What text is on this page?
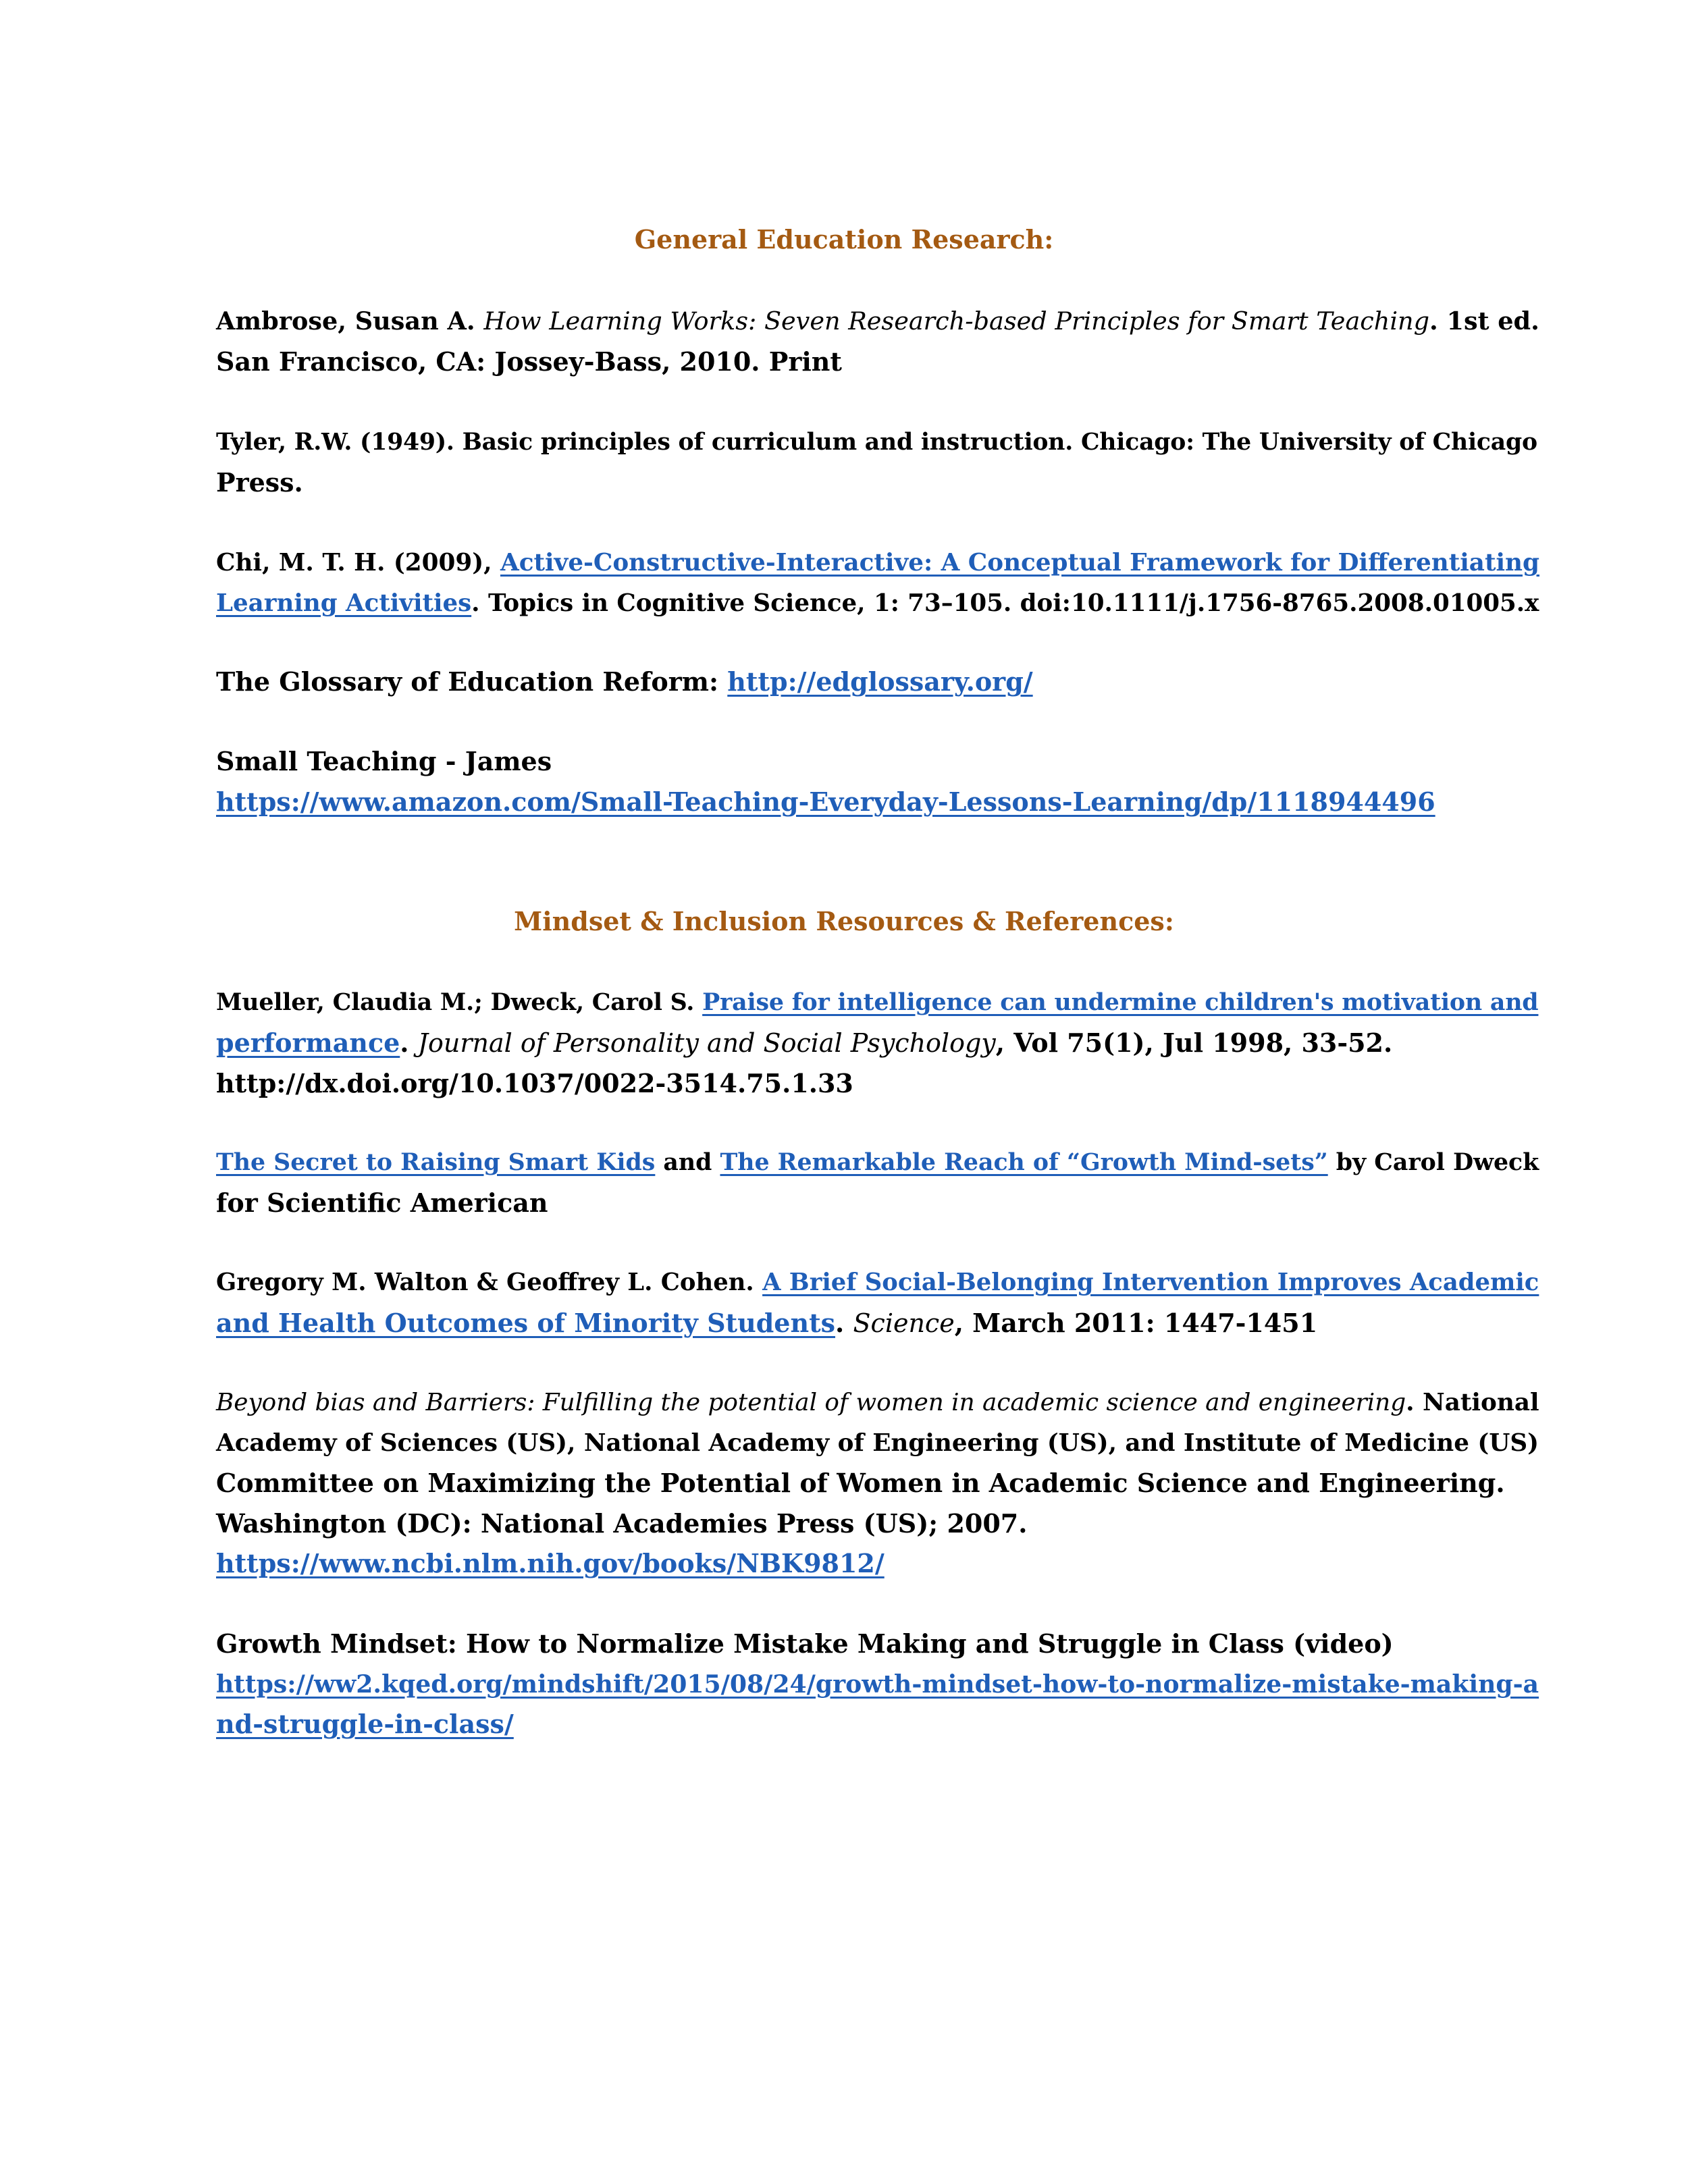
General Education Research:

Ambrose, Susan A. How Learning Works: Seven Research-based Principles for Smart Teaching. 1st ed.
San Francisco, CA: Jossey-Bass, 2010. Print

Tyler, R.W. (1949). Basic principles of curriculum and instruction. Chicago: The University of Chicago
Press.

Chi, M. T. H. (2009), Active-Constructive-Interactive: A Conceptual Framework for Differentiating
Learning Activities. Topics in Cognitive Science, 1: 73–105. doi:10.1111/j.1756-8765.2008.01005.x

The Glossary of Education Reform: http://edglossary.org/

Small Teaching - James
https://www.amazon.com/Small-Teaching-Everyday-Lessons-Learning/dp/1118944496

Mindset & Inclusion Resources & References:

Mueller, Claudia M.; Dweck, Carol S. Praise for intelligence can undermine children's motivation and
performance. Journal of Personality and Social Psychology, Vol 75(1), Jul 1998, 33-52.
http://dx.doi.org/10.1037/0022-3514.75.1.33

The Secret to Raising Smart Kids and The Remarkable Reach of “Growth Mind-sets” by Carol Dweck
for Scientific American

Gregory M. Walton & Geoffrey L. Cohen. A Brief Social-Belonging Intervention Improves Academic
and Health Outcomes of Minority Students. Science, March 2011: 1447-1451

Beyond bias and Barriers: Fulfilling the potential of women in academic science and engineering. National
Academy of Sciences (US), National Academy of Engineering (US), and Institute of Medicine (US)
Committee on Maximizing the Potential of Women in Academic Science and Engineering.
Washington (DC): National Academies Press (US); 2007.
https://www.ncbi.nlm.nih.gov/books/NBK9812/

Growth Mindset: How to Normalize Mistake Making and Struggle in Class (video)
https://ww2.kqed.org/mindshift/2015/08/24/growth-mindset-how-to-normalize-mistake-making-a
nd-struggle-in-class/
